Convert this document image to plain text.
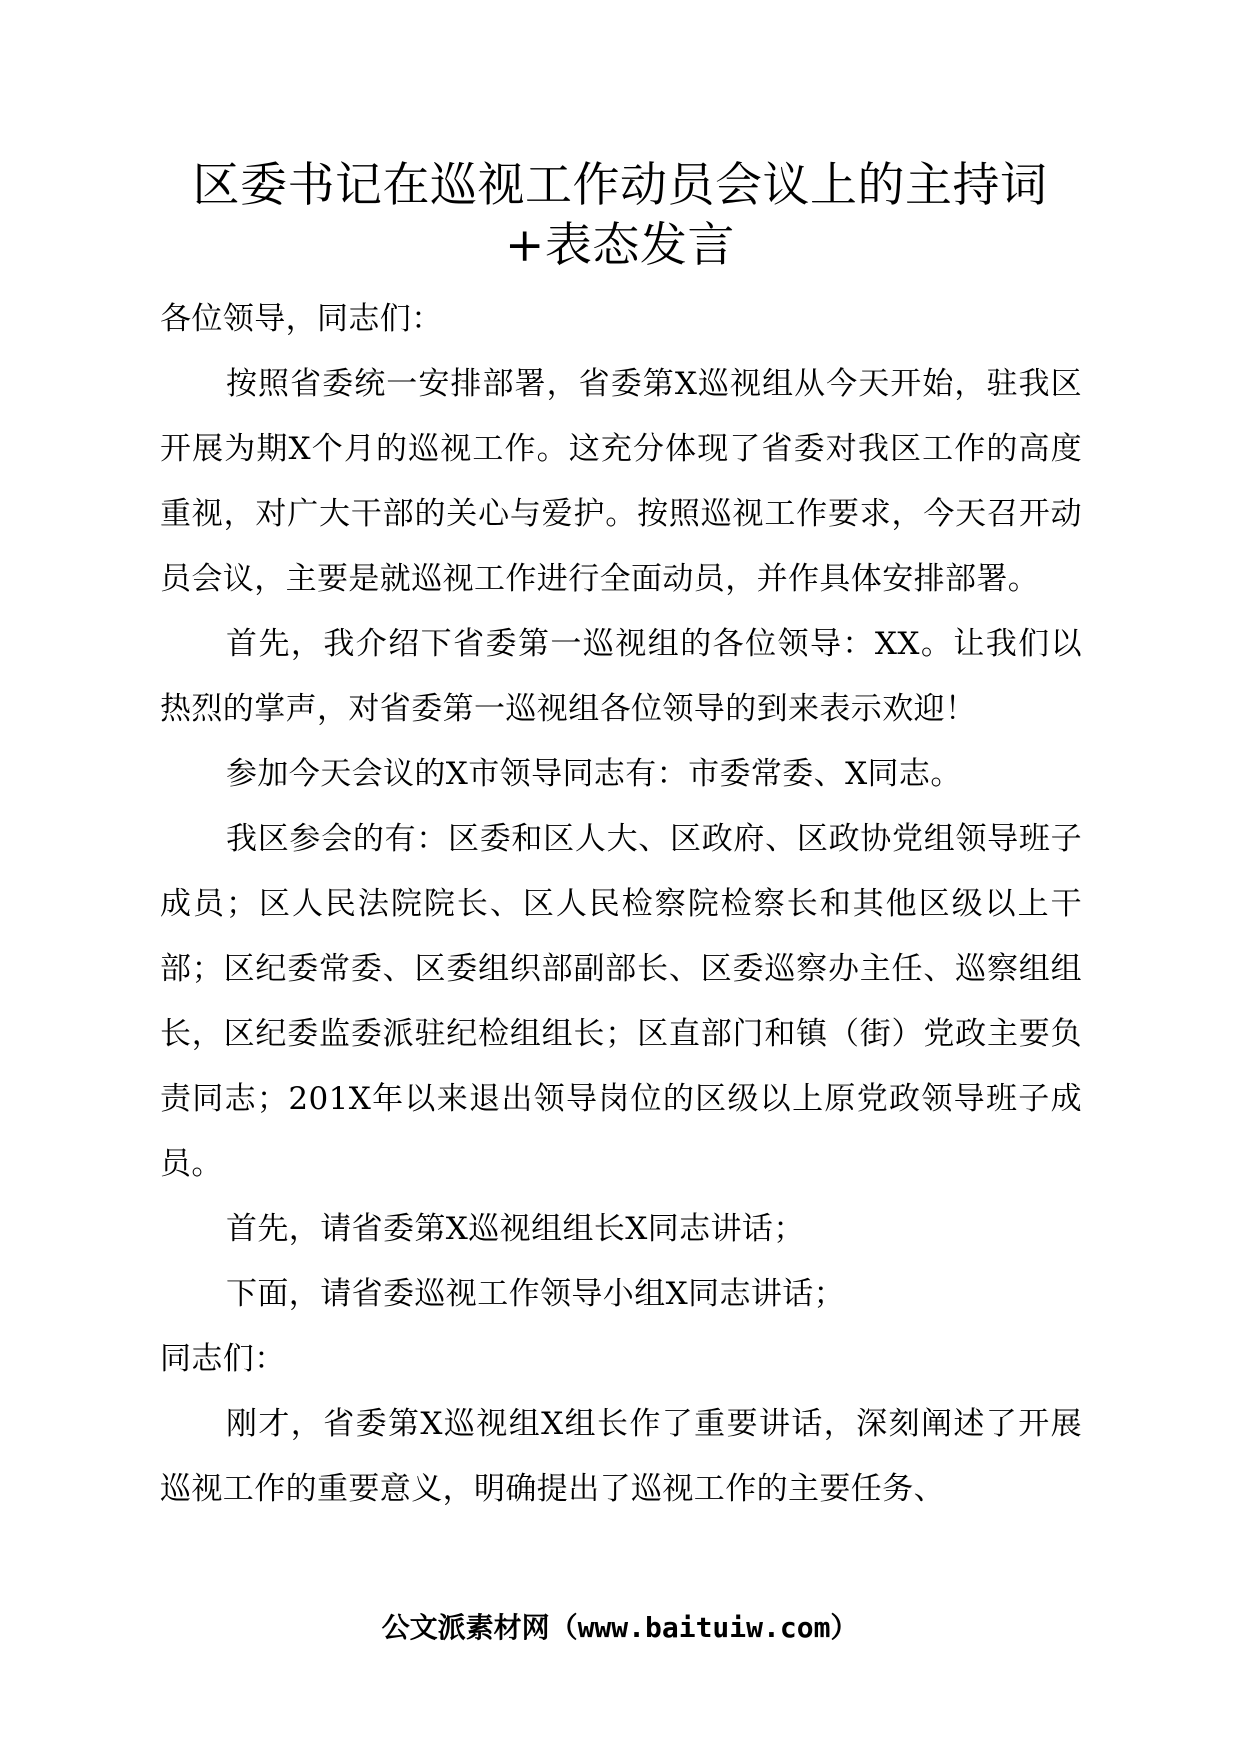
区委书记在巡视工作动员会议上的主持词+表态发言

各位领导，同志们：

按照省委统一安排部署，省委第X巡视组从今天开始，驻我区开展为期X个月的巡视工作。这充分体现了省委对我区工作的高度重视，对广大干部的关心与爱护。按照巡视工作要求，今天召开动员会议，主要是就巡视工作进行全面动员，并作具体安排部署。

首先，我介绍下省委第一巡视组的各位领导：XX。让我们以热烈的掌声，对省委第一巡视组各位领导的到来表示欢迎！

参加今天会议的X市领导同志有：市委常委、X同志。

我区参会的有：区委和区人大、区政府、区政协党组领导班子成员；区人民法院院长、区人民检察院检察长和其他区级以上干部；区纪委常委、区委组织部副部长、区委巡察办主任、巡察组组长，区纪委监委派驻纪检组组长；区直部门和镇（街）党政主要负责同志；201X年以来退出领导岗位的区级以上原党政领导班子成员。

首先，请省委第X巡视组组长X同志讲话；

下面，请省委巡视工作领导小组X同志讲话；

同志们：

刚才，省委第X巡视组X组长作了重要讲话，深刻阐述了开展巡视工作的重要意义，明确提出了巡视工作的主要任务、

公文派素材网（www.baituiw.com）
